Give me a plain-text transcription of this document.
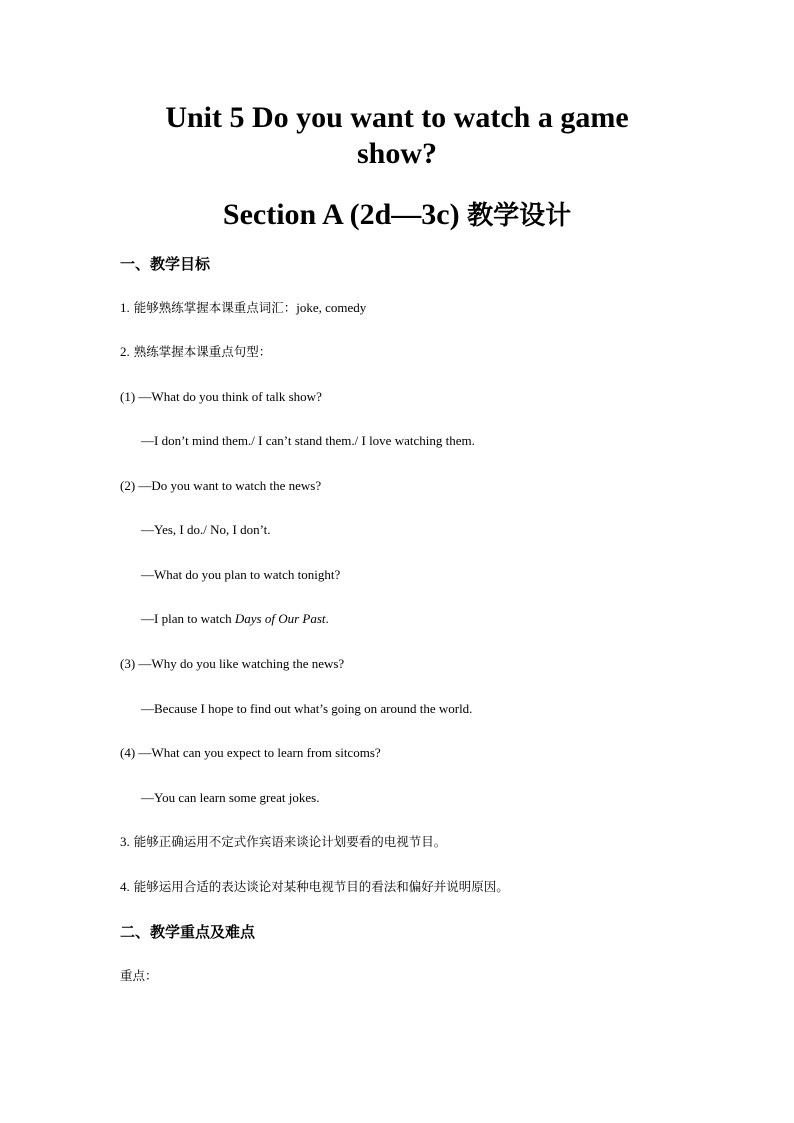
Unit 5 Do you want to watch a game
show?
Section A (2d—3c) 教学设计
一、教学目标
1. 能够熟练掌握本课重点词汇：joke, comedy
2. 熟练掌握本课重点句型：
(1) —What do you think of talk show?
—I don’t mind them./ I can’t stand them./ I love watching them.
(2) —Do you want to watch the news?
—Yes, I do./ No, I don’t.
—What do you plan to watch tonight?
—I plan to watch Days of Our Past.
(3) —Why do you like watching the news?
—Because I hope to find out what’s going on around the world.
(4) —What can you expect to learn from sitcoms?
—You can learn some great jokes.
3. 能够正确运用不定式作宾语来谈论计划要看的电视节目。
4. 能够运用合适的表达谈论对某种电视节目的看法和偏好并说明原因。
二、教学重点及难点
重点：
